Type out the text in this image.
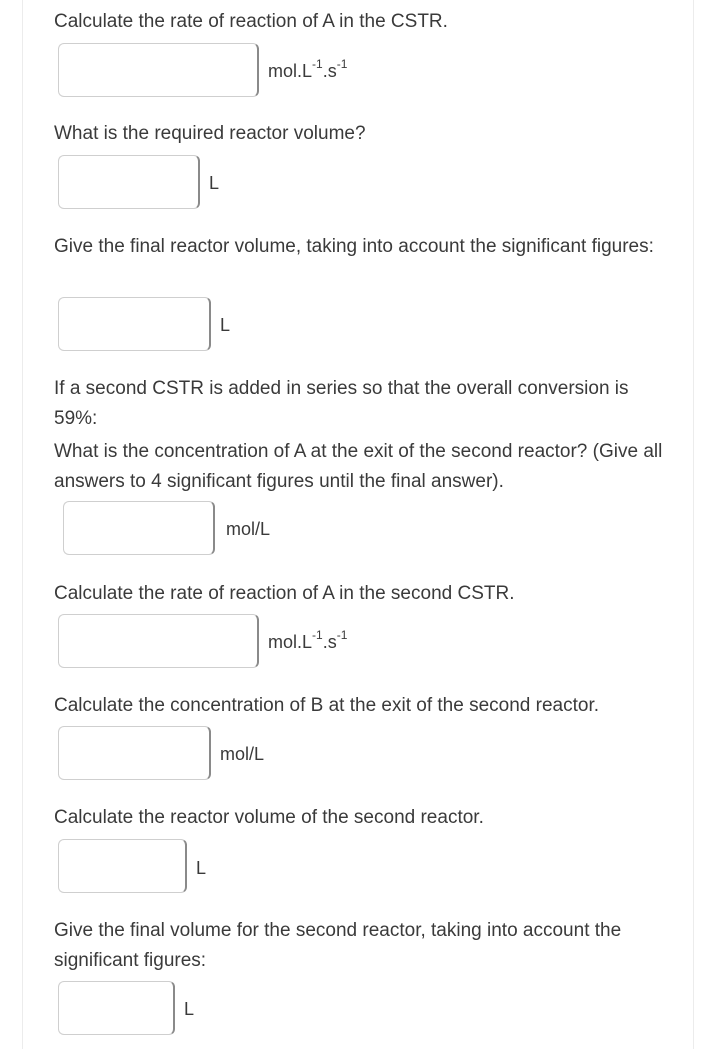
Calculate the rate of reaction of A in the CSTR.

$mol.L^{-1}.s^{-1}$

What is the required reactor volume?

L

Give the final reactor volume, taking into account the significant figures:

L

If a second CSTR is added in series so that the overall conversion is 59%:

What is the concentration of A at the exit of the second reactor? (Give all answers to 4 significant figures until the final answer).

mol/L

Calculate the rate of reaction of A in the second CSTR.

$mol.L^{-1}.s^{-1}$

Calculate the concentration of B at the exit of the second reactor.

mol/L

Calculate the reactor volume of the second reactor.

L

Give the final volume for the second reactor, taking into account the significant figures:

L
